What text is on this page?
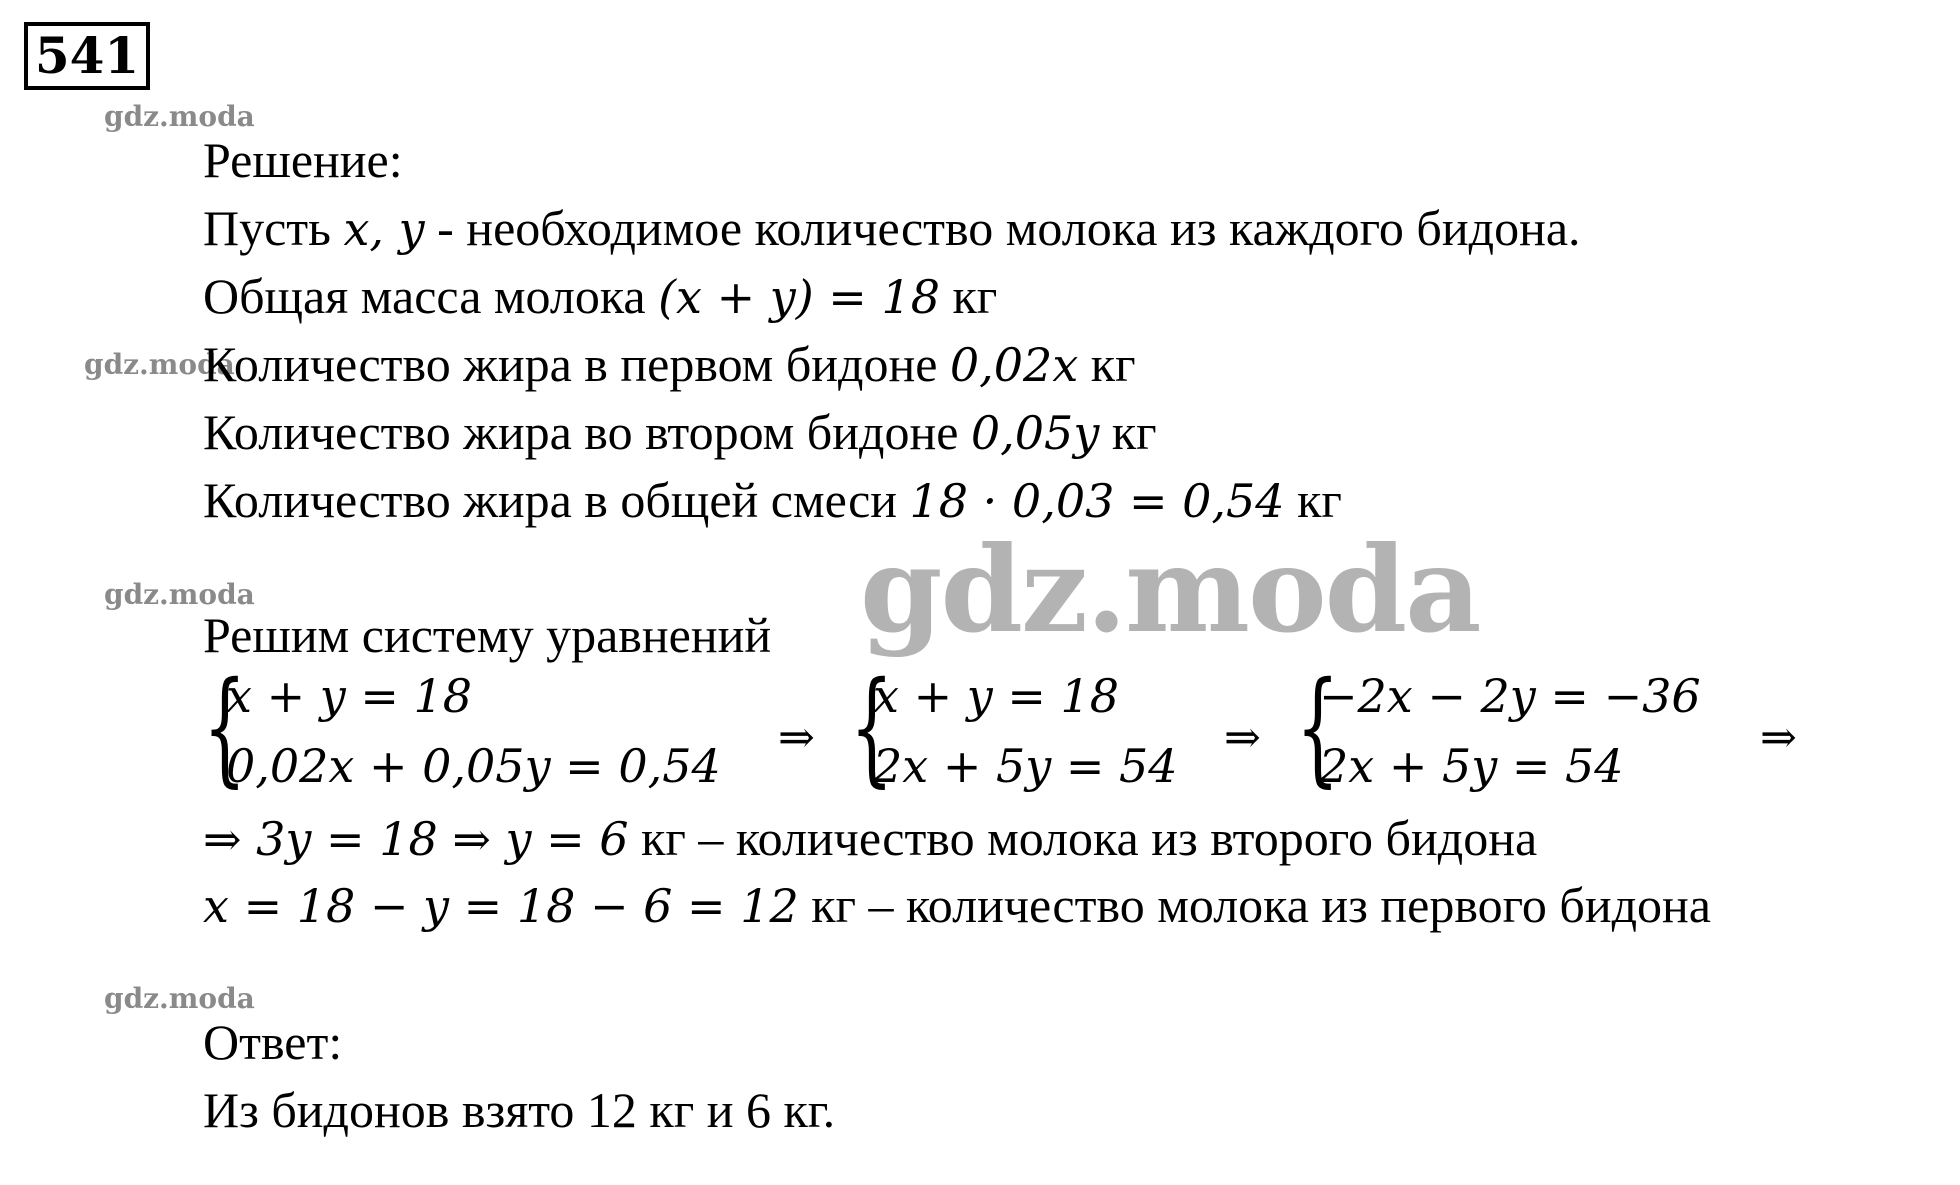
541
gdz.moda
gdz.moda
gdz.moda
gdz.moda
Решение:
Пусть x, y - необходимое количество молока из каждого бидона.
Общая масса молока (x + y) = 18 кг
Количество жира в первом бидоне 0,02x кг
Количество жира во втором бидоне 0,05y кг
Количество жира в общей смеси 18 · 0,03 = 0,54 кг
gdz.moda
Решим систему уравнений
{
x + y = 18
0,02x + 0,05y = 0,54
⇒ {
x + y = 18
2x + 5y = 54
⇒ {
−2x − 2y = −36
2x + 5y = 54
⇒
⇒ 3y = 18 ⇒ y = 6 кг – количество молока из второго бидона
x = 18 − y = 18 − 6 = 12 кг – количество молока из первого бидона
Ответ:
Из бидонов взято 12 кг и 6 кг.
